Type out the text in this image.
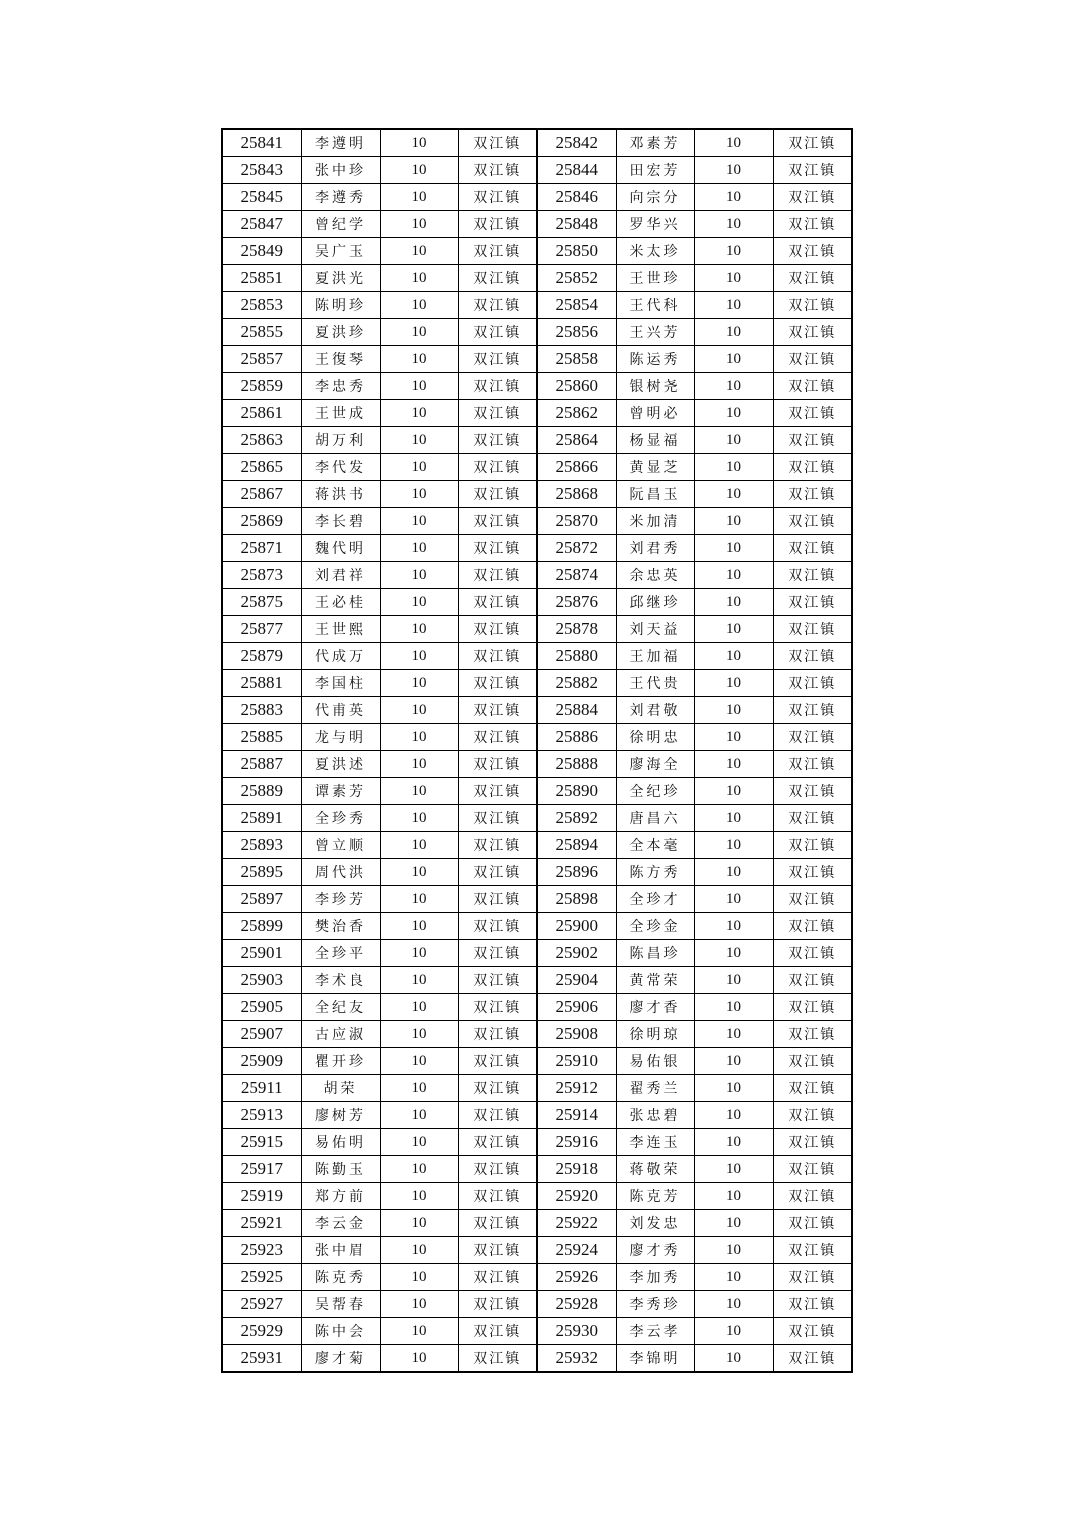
25841	李遵明	10	双江镇	25842	邓素芳	10	双江镇
25843	张中珍	10	双江镇	25844	田宏芳	10	双江镇
25845	李遵秀	10	双江镇	25846	向宗分	10	双江镇
25847	曾纪学	10	双江镇	25848	罗华兴	10	双江镇
25849	吴广玉	10	双江镇	25850	米太珍	10	双江镇
25851	夏洪光	10	双江镇	25852	王世珍	10	双江镇
25853	陈明珍	10	双江镇	25854	王代科	10	双江镇
25855	夏洪珍	10	双江镇	25856	王兴芳	10	双江镇
25857	王復琴	10	双江镇	25858	陈运秀	10	双江镇
25859	李忠秀	10	双江镇	25860	银树尧	10	双江镇
25861	王世成	10	双江镇	25862	曾明必	10	双江镇
25863	胡万利	10	双江镇	25864	杨显福	10	双江镇
25865	李代发	10	双江镇	25866	黄显芝	10	双江镇
25867	蒋洪书	10	双江镇	25868	阮昌玉	10	双江镇
25869	李长碧	10	双江镇	25870	米加清	10	双江镇
25871	魏代明	10	双江镇	25872	刘君秀	10	双江镇
25873	刘君祥	10	双江镇	25874	余忠英	10	双江镇
25875	王必桂	10	双江镇	25876	邱继珍	10	双江镇
25877	王世熙	10	双江镇	25878	刘天益	10	双江镇
25879	代成万	10	双江镇	25880	王加福	10	双江镇
25881	李国柱	10	双江镇	25882	王代贵	10	双江镇
25883	代甫英	10	双江镇	25884	刘君敬	10	双江镇
25885	龙与明	10	双江镇	25886	徐明忠	10	双江镇
25887	夏洪述	10	双江镇	25888	廖海全	10	双江镇
25889	谭素芳	10	双江镇	25890	全纪珍	10	双江镇
25891	全珍秀	10	双江镇	25892	唐昌六	10	双江镇
25893	曾立顺	10	双江镇	25894	全本毫	10	双江镇
25895	周代洪	10	双江镇	25896	陈方秀	10	双江镇
25897	李珍芳	10	双江镇	25898	全珍才	10	双江镇
25899	樊治香	10	双江镇	25900	全珍金	10	双江镇
25901	全珍平	10	双江镇	25902	陈昌珍	10	双江镇
25903	李术良	10	双江镇	25904	黄常荣	10	双江镇
25905	全纪友	10	双江镇	25906	廖才香	10	双江镇
25907	古应淑	10	双江镇	25908	徐明琼	10	双江镇
25909	瞿开珍	10	双江镇	25910	易佑银	10	双江镇
25911	胡荣	10	双江镇	25912	翟秀兰	10	双江镇
25913	廖树芳	10	双江镇	25914	张忠碧	10	双江镇
25915	易佑明	10	双江镇	25916	李连玉	10	双江镇
25917	陈勤玉	10	双江镇	25918	蒋敬荣	10	双江镇
25919	郑方前	10	双江镇	25920	陈克芳	10	双江镇
25921	李云金	10	双江镇	25922	刘发忠	10	双江镇
25923	张中眉	10	双江镇	25924	廖才秀	10	双江镇
25925	陈克秀	10	双江镇	25926	李加秀	10	双江镇
25927	吴帮春	10	双江镇	25928	李秀珍	10	双江镇
25929	陈中会	10	双江镇	25930	李云孝	10	双江镇
25931	廖才菊	10	双江镇	25932	李锦明	10	双江镇
